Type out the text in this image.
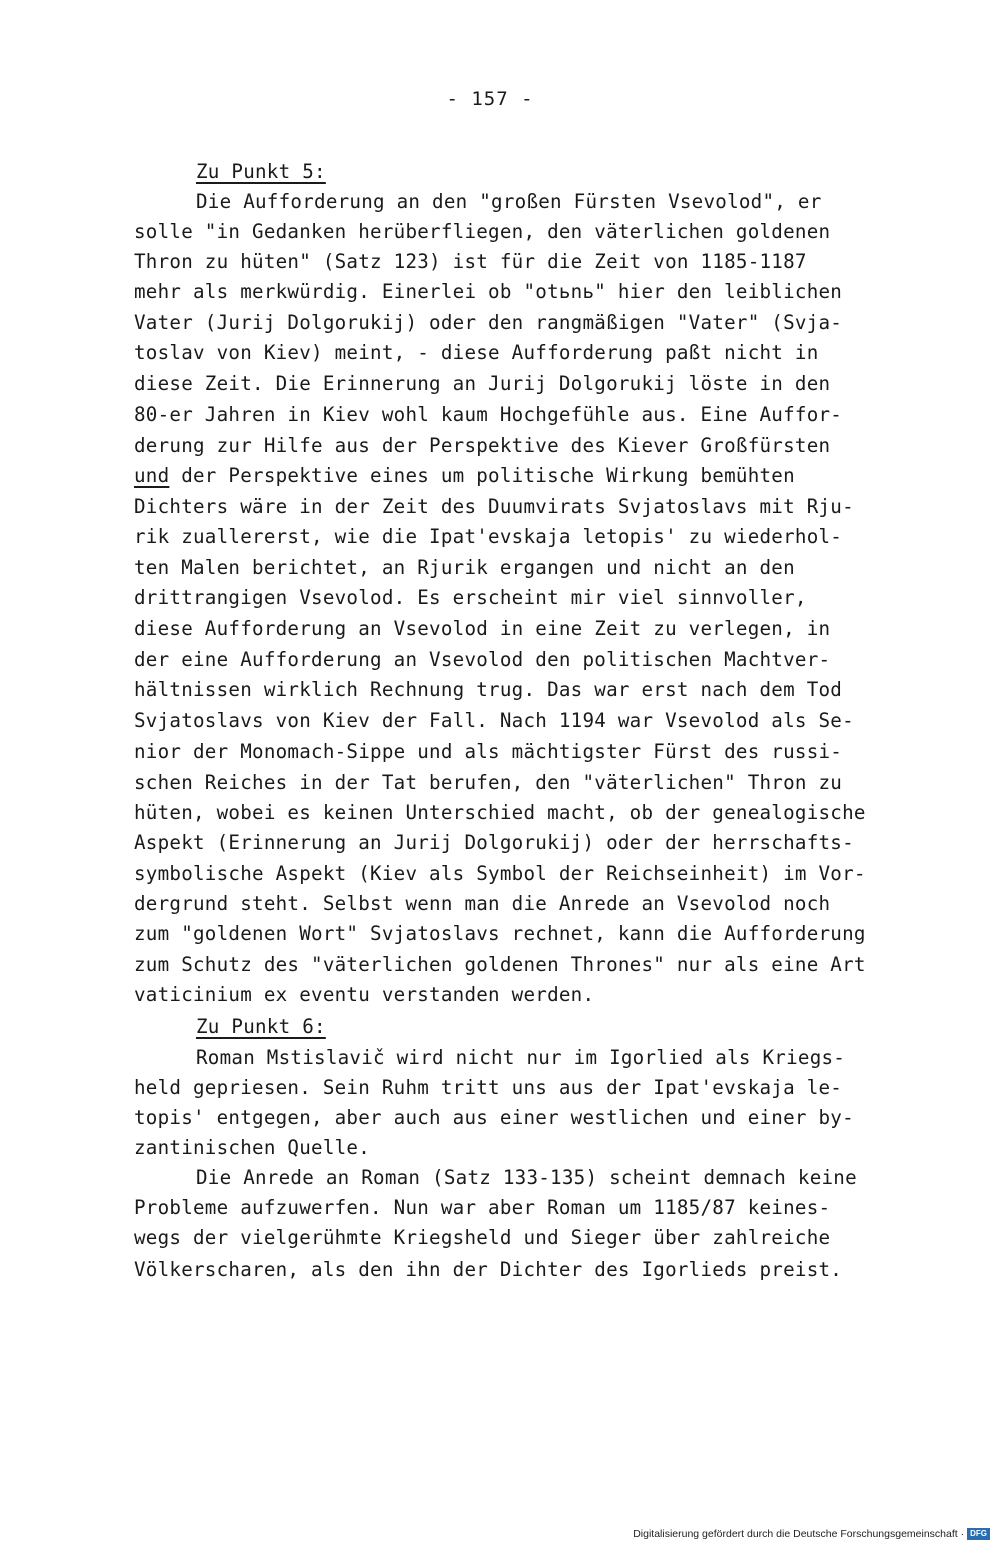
- 157 -
Zu Punkt 5:
Die Aufforderung an den "großen Fürsten Vsevolod", er
solle "in Gedanken herüberfliegen, den väterlichen goldenen
Thron zu hüten" (Satz 123) ist für die Zeit von 1185-1187
mehr als merkwürdig. Einerlei ob "otьnь" hier den leiblichen
Vater (Jurij Dolgorukij) oder den rangmäßigen "Vater" (Svja-
toslav von Kiev) meint, - diese Aufforderung paßt nicht in
diese Zeit. Die Erinnerung an Jurij Dolgorukij löste in den
80-er Jahren in Kiev wohl kaum Hochgefühle aus. Eine Auffor-
derung zur Hilfe aus der Perspektive des Kiever Großfürsten
und der Perspektive eines um politische Wirkung bemühten
Dichters wäre in der Zeit des Duumvirats Svjatoslavs mit Rju-
rik zuallererst, wie die Ipat'evskaja letopis' zu wiederhol-
ten Malen berichtet, an Rjurik ergangen und nicht an den
drittrangigen Vsevolod. Es erscheint mir viel sinnvoller,
diese Aufforderung an Vsevolod in eine Zeit zu verlegen, in
der eine Aufforderung an Vsevolod den politischen Machtver-
hältnissen wirklich Rechnung trug. Das war erst nach dem Tod
Svjatoslavs von Kiev der Fall. Nach 1194 war Vsevolod als Se-
nior der Monomach-Sippe und als mächtigster Fürst des russi-
schen Reiches in der Tat berufen, den "väterlichen" Thron zu
hüten, wobei es keinen Unterschied macht, ob der genealogische
Aspekt (Erinnerung an Jurij Dolgorukij) oder der herrschafts-
symbolische Aspekt (Kiev als Symbol der Reichseinheit) im Vor-
dergrund steht. Selbst wenn man die Anrede an Vsevolod noch
zum "goldenen Wort" Svjatoslavs rechnet, kann die Aufforderung
zum Schutz des "väterlichen goldenen Thrones" nur als eine Art
vaticinium ex eventu verstanden werden.
Zu Punkt 6:
Roman Mstislavič wird nicht nur im Igorlied als Kriegs-
held gepriesen. Sein Ruhm tritt uns aus der Ipat'evskaja le-
topis' entgegen, aber auch aus einer westlichen und einer by-
zantinischen Quelle.
Die Anrede an Roman (Satz 133-135) scheint demnach keine
Probleme aufzuwerfen. Nun war aber Roman um 1185/87 keines-
wegs der vielgerühmte Kriegsheld und Sieger über zahlreiche
Völkerscharen, als den ihn der Dichter des Igorlieds preist.
Digitalisierung gefördert durch die Deutsche Forschungsgemeinschaft · DFG
